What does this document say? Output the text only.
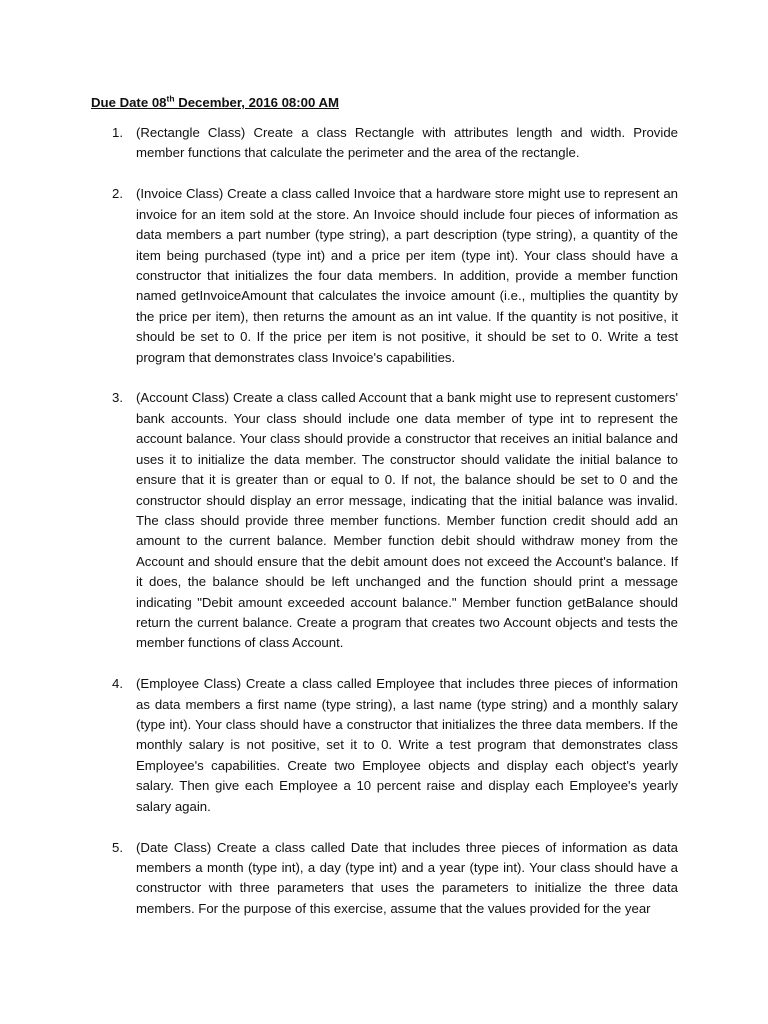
Due Date 08th December, 2016 08:00 AM

1. (Rectangle Class) Create a class Rectangle with attributes length and width. Provide member functions that calculate the perimeter and the area of the rectangle.

2. (Invoice Class) Create a class called Invoice that a hardware store might use to represent an invoice for an item sold at the store. An Invoice should include four pieces of information as data members a part number (type string), a part description (type string), a quantity of the item being purchased (type int) and a price per item (type int). Your class should have a constructor that initializes the four data members. In addition, provide a member function named getInvoiceAmount that calculates the invoice amount (i.e., multiplies the quantity by the price per item), then returns the amount as an int value. If the quantity is not positive, it should be set to 0. If the price per item is not positive, it should be set to 0. Write a test program that demonstrates class Invoice's capabilities.

3. (Account Class) Create a class called Account that a bank might use to represent customers' bank accounts. Your class should include one data member of type int to represent the account balance. Your class should provide a constructor that receives an initial balance and uses it to initialize the data member. The constructor should validate the initial balance to ensure that it is greater than or equal to 0. If not, the balance should be set to 0 and the constructor should display an error message, indicating that the initial balance was invalid. The class should provide three member functions. Member function credit should add an amount to the current balance. Member function debit should withdraw money from the Account and should ensure that the debit amount does not exceed the Account's balance. If it does, the balance should be left unchanged and the function should print a message indicating "Debit amount exceeded account balance." Member function getBalance should return the current balance. Create a program that creates two Account objects and tests the member functions of class Account.

4. (Employee Class) Create a class called Employee that includes three pieces of information as data members a first name (type string), a last name (type string) and a monthly salary (type int). Your class should have a constructor that initializes the three data members. If the monthly salary is not positive, set it to 0. Write a test program that demonstrates class Employee's capabilities. Create two Employee objects and display each object's yearly salary. Then give each Employee a 10 percent raise and display each Employee's yearly salary again.

5. (Date Class) Create a class called Date that includes three pieces of information as data members a month (type int), a day (type int) and a year (type int). Your class should have a constructor with three parameters that uses the parameters to initialize the three data members. For the purpose of this exercise, assume that the values provided for the year
